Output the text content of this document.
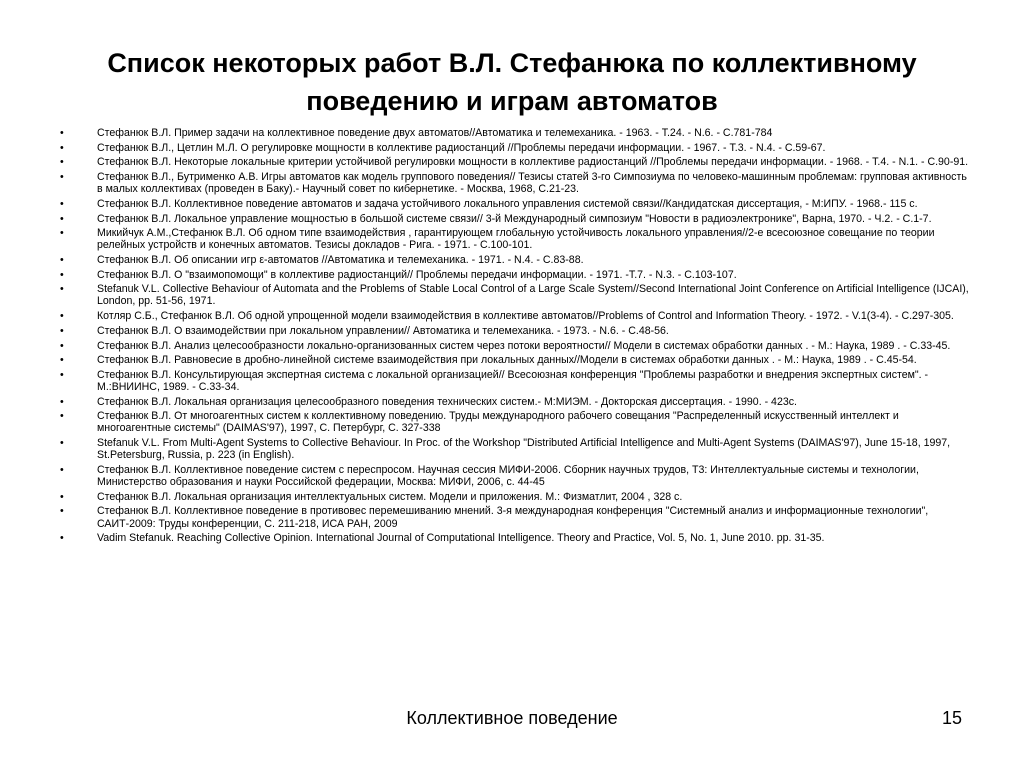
Список некоторых работ В.Л. Стефанюка по коллективному
поведению и играм автоматов
• Стефанюк В.Л. Пример задачи на коллективное поведение двух автоматов//Автоматика и телемеханика. - 1963. - Т.24. - N.6. - С.781-784
• Стефанюк В.Л., Цетлин М.Л. О регулировке мощности в коллективе радиостанций //Проблемы передачи информации. - 1967. - Т.3. - N.4. - С.59-67.
• Стефанюк В.Л. Некоторые локальные критерии устойчивой регулировки мощности в коллективе радиостанций //Проблемы передачи информации. - 1968. - Т.4. - N.1. - С.90-91.
• Стефанюк В.Л., Бутрименко А.В. Игры автоматов как модель группового поведения// Тезисы статей 3-го Симпозиума по человеко-машинным проблемам: групповая активность в малых коллективах (проведен в Баку).- Научный совет по кибернетике. - Москва, 1968, С.21-23.
• Стефанюк В.Л. Коллективное поведение автоматов и задача устойчивого локального управления системой связи//Кандидатская диссертация, - М:ИПУ. - 1968.- 115 с.
• Стефанюк В.Л. Локальное управление мощностью в большой системе связи// 3-й Международный симпозиум "Новости в радиоэлектронике", Варна, 1970. - Ч.2. - С.1-7.
• Микийчук А.М.,Стефанюк В.Л. Об одном типе взаимодействия , гарантирующем глобальную устойчивость локального управления//2-е всесоюзное совещание по теории релейных устройств и конечных автоматов. Тезисы докладов - Рига. - 1971. - С.100-101.
• Стефанюк В.Л. Об описании игр ε-автоматов //Автоматика и телемеханика. - 1971. - N.4. - С.83-88.
• Стефанюк В.Л. О "взаимопомощи" в коллективе радиостанций// Проблемы передачи информации. - 1971. -Т.7. - N.3. - С.103-107.
• Stefanuk V.L. Collective Behaviour of Automata and the Problems of Stable Local Control of a Large Scale System//Second International Joint Conference on Artificial Intelligence (IJCAI), London, pp. 51-56, 1971.
• Котляр С.Б., Стефанюк В.Л. Об одной упрощенной модели взаимодействия в коллективе автоматов//Problems of Control and Information Theory. - 1972. - V.1(3-4). - С.297-305.
• Стефанюк В.Л. О взаимодействии при локальном управлении// Автоматика и телемеханика. - 1973. - N.6. - С.48-56.
• Стефанюк В.Л. Анализ целесообразности локально-организованных систем через потоки вероятности// Модели в системах обработки данных . - М.: Наука, 1989 . - С.33-45.
• Стефанюк В.Л. Равновесие в дробно-линейной системе взаимодействия при локальных данных//Модели в системах обработки данных . - М.: Наука, 1989 . - С.45-54.
• Стефанюк В.Л. Консультирующая экспертная система с локальной организацией// Всесоюзная конференция "Проблемы разработки и внедрения экспертных систем". - М.:ВНИИНС, 1989. - С.33-34.
• Стефанюк В.Л. Локальная организация целесообразного поведения технических систем.- М:МИЭМ. - Докторская диссертация. - 1990. - 423с.
• Стефанюк В.Л. От многоагентных систем к коллективному поведению. Труды международного рабочего совещания "Распределенный искусственный интеллект и многоагентные системы" (DAIMAS'97), 1997, С. Петербург, С. 327-338
• Stefanuk V.L. From Multi-Agent Systems to Collective Behaviour. In Proc. of the Workshop "Distributed Artificial Intelligence and Multi-Agent Systems (DAIMAS'97), June 15-18, 1997, St.Petersburg, Russia, p. 223 (in English).
• Стефанюк В.Л. Коллективное поведение систем с переспросом. Научная сессия МИФИ-2006. Сборник научных трудов, Т3: Интеллектуальные системы и технологии, Министерство образования и науки Российской федерации, Москва: МИФИ, 2006, с. 44-45
• Стефанюк В.Л. Локальная организация интеллектуальных систем. Модели и приложения. М.: Физматлит, 2004 , 328 с.
• Стефанюк В.Л. Коллективное поведение в противовес перемешиванию мнений. 3-я международная конференция "Системный анализ и информационные технологии", САИТ-2009: Труды конференции, С. 211-218, ИСА РАН, 2009
• Vadim Stefanuk. Reaching Collective Opinion. International Journal of Computational Intelligence. Theory and Practice, Vol. 5, No. 1, June 2010. pp. 31-35.
Коллективное поведение	15
